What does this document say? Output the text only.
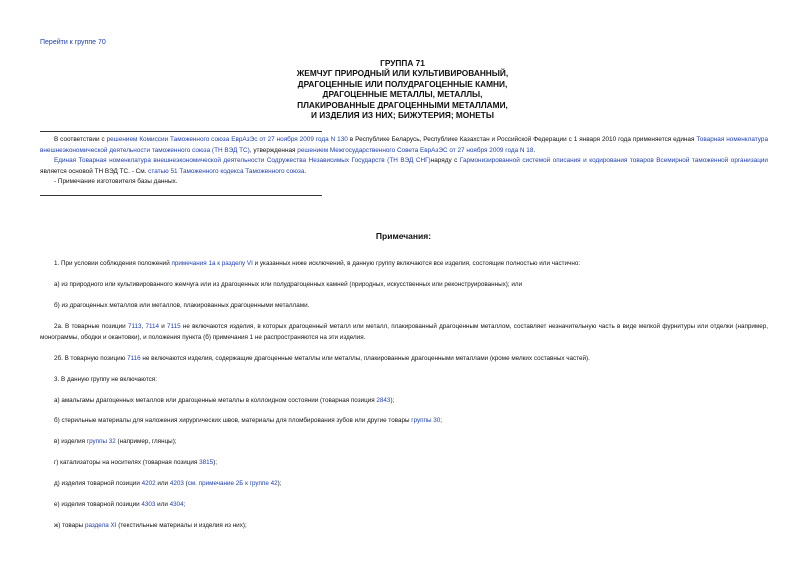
Перейти к группе 70
ГРУППА 71
ЖЕМЧУГ ПРИРОДНЫЙ ИЛИ КУЛЬТИВИРОВАННЫЙ,
ДРАГОЦЕННЫЕ ИЛИ ПОЛУДРАГОЦЕННЫЕ КАМНИ,
ДРАГОЦЕННЫЕ МЕТАЛЛЫ, МЕТАЛЛЫ,
ПЛАКИРОВАННЫЕ ДРАГОЦЕННЫМИ МЕТАЛЛАМИ,
И ИЗДЕЛИЯ ИЗ НИХ; БИЖУТЕРИЯ; МОНЕТЫ

В соответствии с решением Комиссии Таможенного союза ЕврАзЭс от 27 ноября 2009 года N 130 в Республике Беларусь, Республике Казахстан и Российской Федерации с 1 января 2010 года применяется единая Товарная номенклатура внешнеэкономической деятельности таможенного союза (ТН ВЭД ТС), утвержденная решением Межгосударственного Совета ЕврАзЭС от 27 ноября 2009 года N 18.

Единая Товарная номенклатура внешнеэкономической деятельности Содружества Независимых Государств (ТН ВЭД СНГ)наряду с Гармонизированной системой описания и кодирования товаров Всемирной таможенной организации является основой ТН ВЭД ТС. - См. статью 51 Таможенного кодекса Таможенного союза.

- Примечание изготовителя базы данных.

Примечания:

1. При условии соблюдения положений примечания 1а к разделу VI и указанных ниже исключений, в данную группу включаются все изделия, состоящие полностью или частично:

а) из природного или культивированного жемчуга или из драгоценных или полудрагоценных камней (природных, искусственных или реконструированных); или

б) из драгоценных металлов или металлов, плакированных драгоценными металлами.

2а. В товарные позиции 7113, 7114 и 7115 не включаются изделия, в которых драгоценный металл или металл, плакированный драгоценным металлом, составляет незначительную часть в виде мелкой фурнитуры или отделки (например, монограммы, ободки и окантовки), и положения пункта (б) примечания 1 не распространяются на эти изделия.

2б. В товарную позицию 7116 не включаются изделия, содержащие драгоценные металлы или металлы, плакированные драгоценными металлами (кроме мелких составных частей).

3. В данную группу не включаются:

а) амальгамы драгоценных металлов или драгоценные металлы в коллоидном состоянии (товарная позиция 2843);

б) стерильные материалы для наложения хирургических швов, материалы для пломбирования зубов или другие товары группы 30;

в) изделия группы 32 (например, глянцы);

г) катализаторы на носителях (товарная позиция 3815);

д) изделия товарной позиции 4202 или 4203 (см. примечание 2Б к группе 42);

е) изделия товарной позиции 4303 или 4304;

ж) товары раздела XI (текстильные материалы и изделия из них);
